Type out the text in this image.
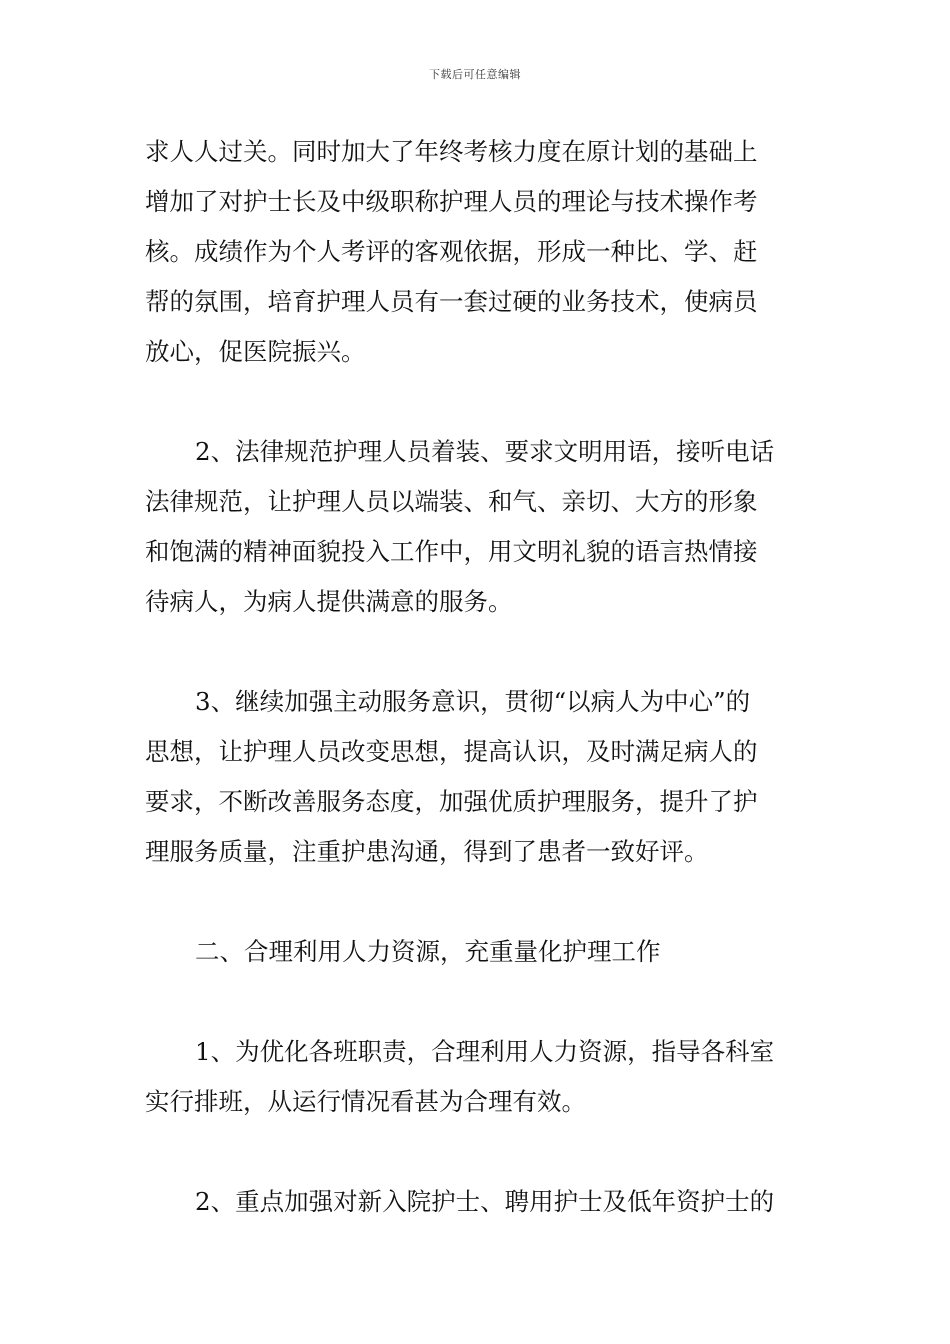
下载后可任意编辑
求人人过关。同时加大了年终考核力度在原计划的基础上
增加了对护士长及中级职称护理人员的理论与技术操作考
核。成绩作为个人考评的客观依据，形成一种比、学、赶
帮的氛围，培育护理人员有一套过硬的业务技术，使病员
放心，促医院振兴。
2、法律规范护理人员着装、要求文明用语，接听电话
法律规范，让护理人员以端装、和气、亲切、大方的形象
和饱满的精神面貌投入工作中，用文明礼貌的语言热情接
待病人，为病人提供满意的服务。
3、继续加强主动服务意识，贯彻“以病人为中心”的
思想，让护理人员改变思想，提高认识，及时满足病人的
要求，不断改善服务态度，加强优质护理服务，提升了护
理服务质量，注重护患沟通，得到了患者一致好评。
二、合理利用人力资源，充重量化护理工作
1、为优化各班职责，合理利用人力资源，指导各科室
实行排班，从运行情况看甚为合理有效。
2、重点加强对新入院护士、聘用护士及低年资护士的
